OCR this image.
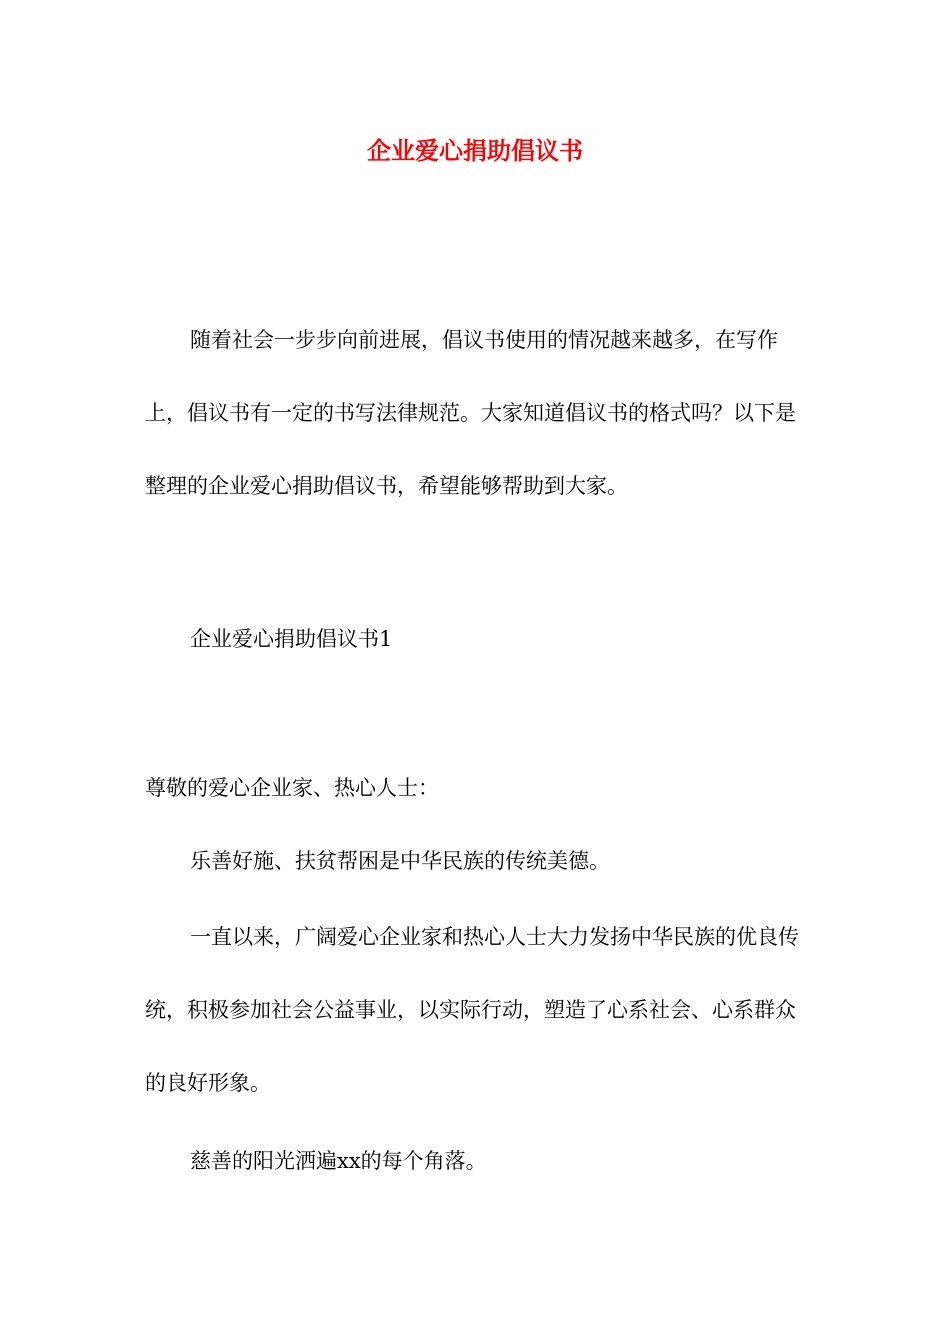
企业爱心捐助倡议书
随着社会一步步向前进展，倡议书使用的情况越来越多，在写作上，倡议书有一定的书写法律规范。大家知道倡议书的格式吗？以下是整理的企业爱心捐助倡议书，希望能够帮助到大家。
企业爱心捐助倡议书1
尊敬的爱心企业家、热心人士：
乐善好施、扶贫帮困是中华民族的传统美德。
一直以来，广阔爱心企业家和热心人士大力发扬中华民族的优良传统，积极参加社会公益事业，以实际行动，塑造了心系社会、心系群众的良好形象。
慈善的阳光洒遍xx的每个角落。
